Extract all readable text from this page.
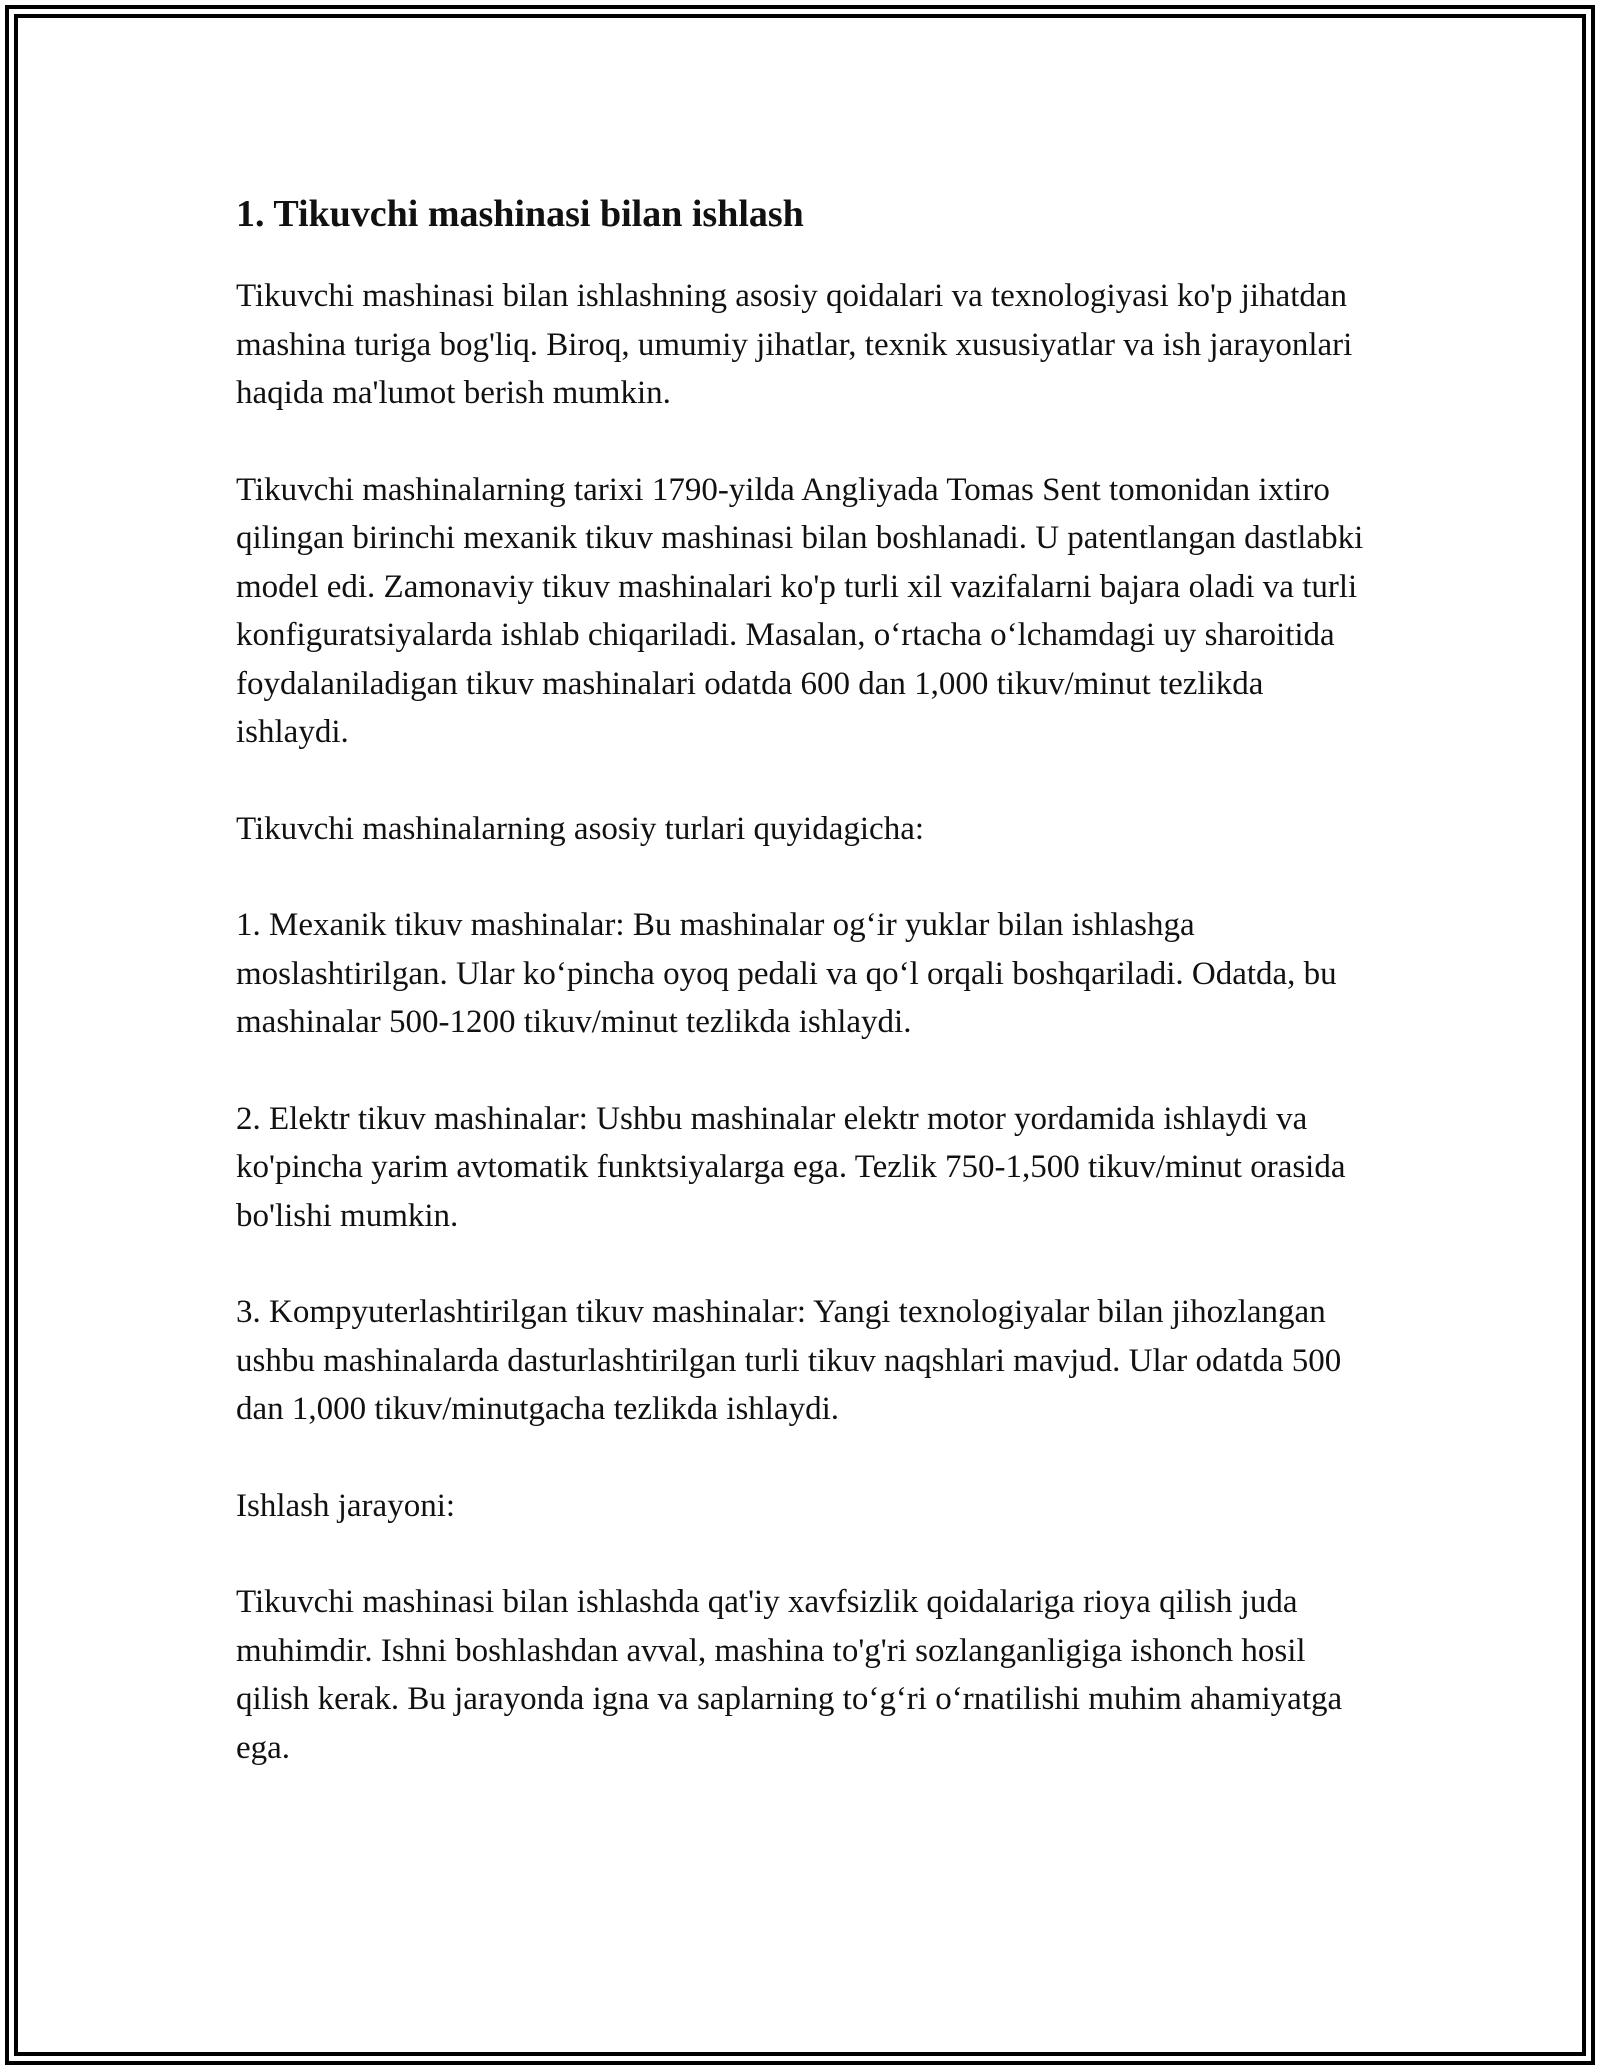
1. Tikuvchi mashinasi bilan ishlash

Tikuvchi mashinasi bilan ishlashning asosiy qoidalari va texnologiyasi ko'p jihatdan mashina turiga bog'liq. Biroq, umumiy jihatlar, texnik xususiyatlar va ish jarayonlari haqida ma'lumot berish mumkin.

Tikuvchi mashinalarning tarixi 1790-yilda Angliyada Tomas Sent tomonidan ixtiro qilingan birinchi mexanik tikuv mashinasi bilan boshlanadi. U patentlangan dastlabki model edi. Zamonaviy tikuv mashinalari ko'p turli xil vazifalarni bajara oladi va turli konfiguratsiyalarda ishlab chiqariladi. Masalan, o‘rtacha o‘lchamdagi uy sharoitida foydalaniladigan tikuv mashinalari odatda 600 dan 1,000 tikuv/minut tezlikda ishlaydi.

Tikuvchi mashinalarning asosiy turlari quyidagicha:

1. Mexanik tikuv mashinalar: Bu mashinalar og‘ir yuklar bilan ishlashga moslashtirilgan. Ular ko‘pincha oyoq pedali va qo‘l orqali boshqariladi. Odatda, bu mashinalar 500-1200 tikuv/minut tezlikda ishlaydi.

2. Elektr tikuv mashinalar: Ushbu mashinalar elektr motor yordamida ishlaydi va ko'pincha yarim avtomatik funktsiyalarga ega. Tezlik 750-1,500 tikuv/minut orasida bo'lishi mumkin.

3. Kompyuterlashtirilgan tikuv mashinalar: Yangi texnologiyalar bilan jihozlangan ushbu mashinalarda dasturlashtirilgan turli tikuv naqshlari mavjud. Ular odatda 500 dan 1,000 tikuv/minutgacha tezlikda ishlaydi.

Ishlash jarayoni:

Tikuvchi mashinasi bilan ishlashda qat'iy xavfsizlik qoidalariga rioya qilish juda muhimdir. Ishni boshlashdan avval, mashina to'g'ri sozlanganligiga ishonch hosil qilish kerak. Bu jarayonda igna va saplarning to‘g‘ri o‘rnatilishi muhim ahamiyatga ega.
